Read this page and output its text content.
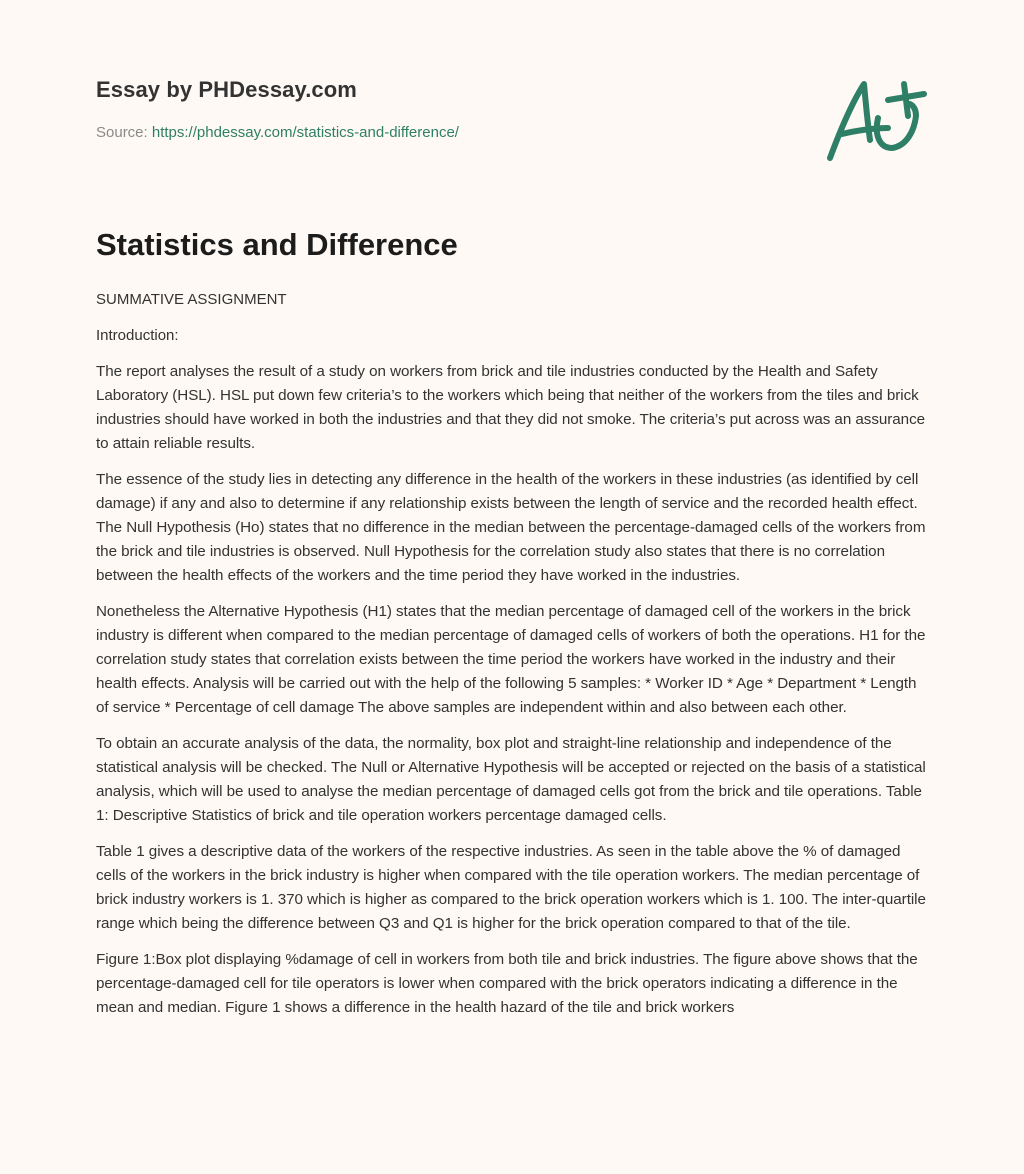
Essay by PHDessay.com
Source: https://phdessay.com/statistics-and-difference/
Statistics and Difference
SUMMATIVE ASSIGNMENT
Introduction:

The report analyses the result of a study on workers from brick and tile industries conducted by the Health and Safety Laboratory (HSL). HSL put down few criteria’s to the workers which being that neither of the workers from the tiles and brick industries should have worked in both the industries and that they did not smoke. The criteria’s put across was an assurance to attain reliable results.

The essence of the study lies in detecting any difference in the health of the workers in these industries (as identified by cell damage) if any and also to determine if any relationship exists between the length of service and the recorded health effect. The Null Hypothesis (Ho) states that no difference in the median between the percentage-damaged cells of the workers from the brick and tile industries is observed. Null Hypothesis for the correlation study also states that there is no correlation between the health effects of the workers and the time period they have worked in the industries.

Nonetheless the Alternative Hypothesis (H1) states that the median percentage of damaged cell of the workers in the brick industry is different when compared to the median percentage of damaged cells of workers of both the operations. H1 for the correlation study states that correlation exists between the time period the workers have worked in the industry and their health effects. Analysis will be carried out with the help of the following 5 samples: * Worker ID * Age * Department * Length of service * Percentage of cell damage The above samples are independent within and also between each other.

To obtain an accurate analysis of the data, the normality, box plot and straight-line relationship and independence of the statistical analysis will be checked. The Null or Alternative Hypothesis will be accepted or rejected on the basis of a statistical analysis, which will be used to analyse the median percentage of damaged cells got from the brick and tile operations. Table 1: Descriptive Statistics of brick and tile operation workers percentage damaged cells.

Table 1 gives a descriptive data of the workers of the respective industries. As seen in the table above the % of damaged cells of the workers in the brick industry is higher when compared with the tile operation workers. The median percentage of brick industry workers is 1. 370 which is higher as compared to the brick operation workers which is 1. 100. The inter-quartile range which being the difference between Q3 and Q1 is higher for the brick operation compared to that of the tile.

Figure 1:Box plot displaying %damage of cell in workers from both tile and brick industries. The figure above shows that the percentage-damaged cell for tile operators is lower when compared with the brick operators indicating a difference in the mean and median. Figure 1 shows a difference in the health hazard of the tile and brick workers
